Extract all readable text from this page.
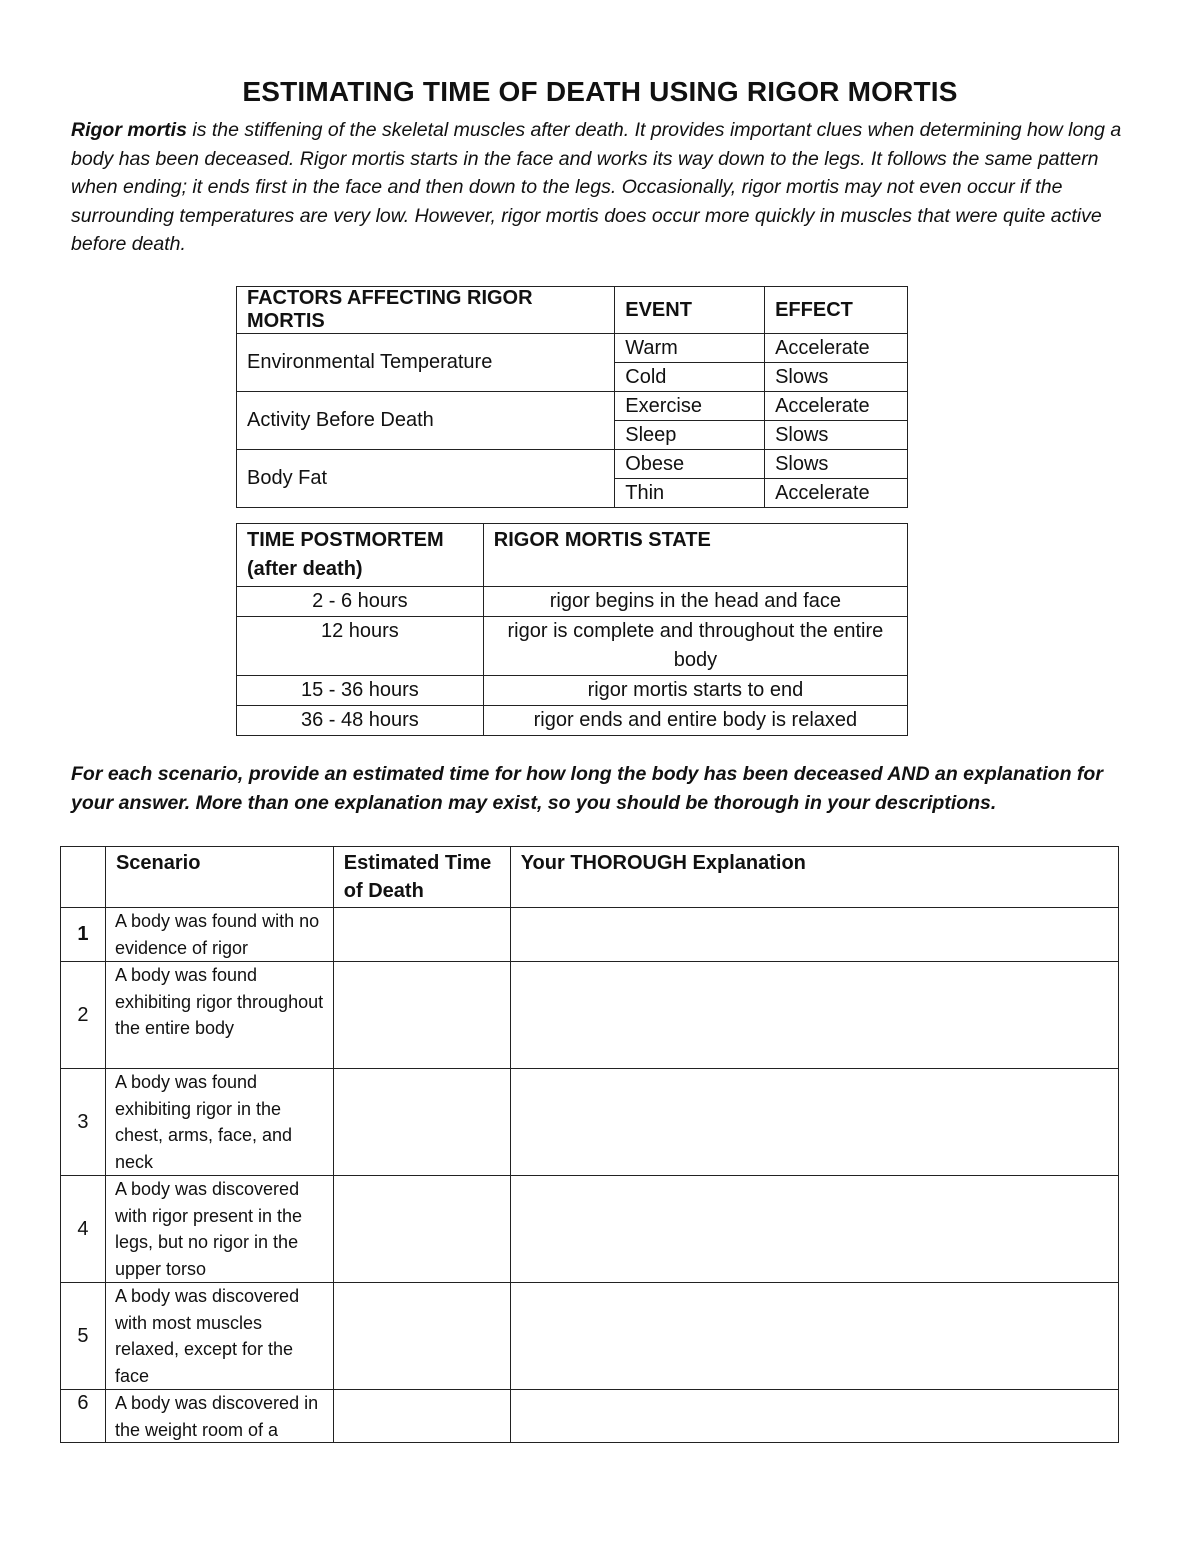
ESTIMATING TIME OF DEATH USING RIGOR MORTIS
Rigor mortis is the stiffening of the skeletal muscles after death. It provides important clues when determining how long a body has been deceased. Rigor mortis starts in the face and works its way down to the legs. It follows the same pattern when ending; it ends first in the face and then down to the legs. Occasionally, rigor mortis may not even occur if the surrounding temperatures are very low. However, rigor mortis does occur more quickly in muscles that were quite active before death.
FACTORS AFFECTING RIGOR MORTIS	EVENT	EFFECT
Environmental Temperature	Warm	Accelerate
	Cold	Slows
Activity Before Death	Exercise	Accelerate
	Sleep	Slows
Body Fat	Obese	Slows
	Thin	Accelerate
TIME POSTMORTEM (after death)	RIGOR MORTIS STATE
2 - 6 hours	rigor begins in the head and face
12 hours	rigor is complete and throughout the entire body
15 - 36 hours	rigor mortis starts to end
36 - 48 hours	rigor ends and entire body is relaxed
For each scenario, provide an estimated time for how long the body has been deceased AND an explanation for your answer. More than one explanation may exist, so you should be thorough in your descriptions.
	Scenario	Estimated Time of Death	Your THOROUGH Explanation
1	A body was found with no evidence of rigor		
2	A body was found exhibiting rigor throughout the entire body		
3	A body was found exhibiting rigor in the chest, arms, face, and neck		
4	A body was discovered with rigor present in the legs, but no rigor in the upper torso		
5	A body was discovered with most muscles relaxed, except for the face		
6	A body was discovered in the weight room of a		
